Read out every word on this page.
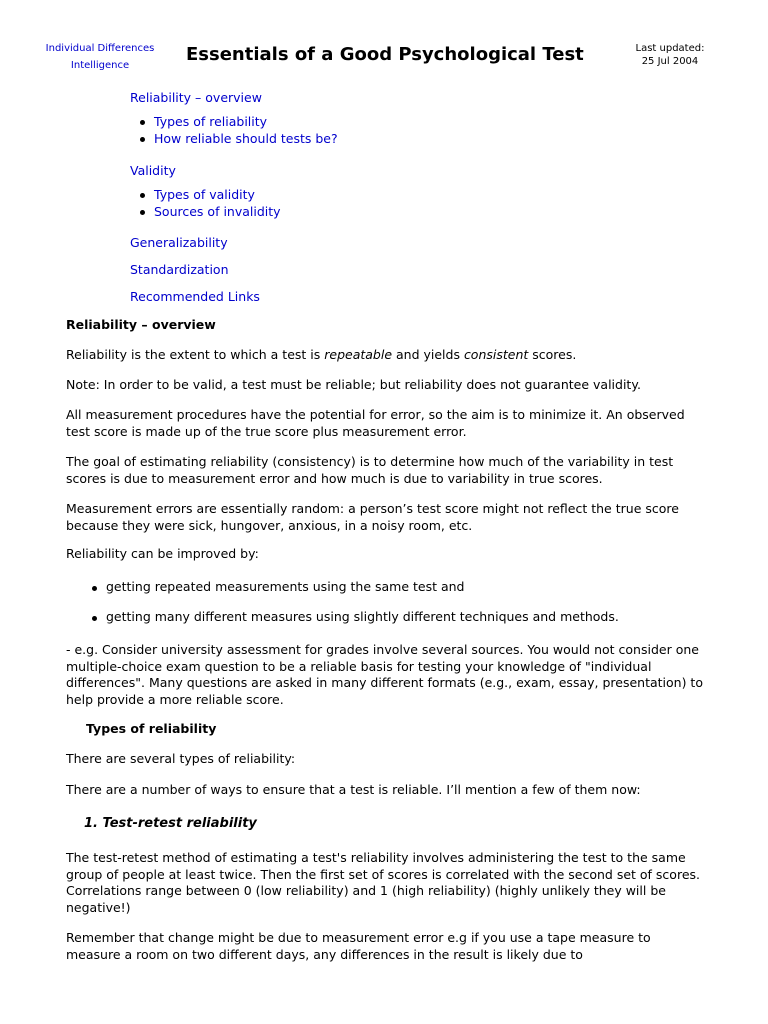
Individual Differences
Intelligence
Essentials of a Good Psychological Test	Last updated:
25 Jul 2004
Reliability – overview
Types of reliability
How reliable should tests be?
Validity
Types of validity
Sources of invalidity
Generalizability
Standardization
Recommended Links
Reliability – overview

Reliability is the extent to which a test is repeatable and yields consistent scores.

Note: In order to be valid, a test must be reliable; but reliability does not guarantee validity.

All measurement procedures have the potential for error, so the aim is to minimize it. An observed test score is made up of the true score plus measurement error.

The goal of estimating reliability (consistency) is to determine how much of the variability in test scores is due to measurement error and how much is due to variability in true scores.

Measurement errors are essentially random: a person’s test score might not reflect the true score because they were sick, hungover, anxious, in a noisy room, etc.

Reliability can be improved by:

getting repeated measurements using the same test and
getting many different measures using slightly different techniques and methods.

- e.g. Consider university assessment for grades involve several sources. You would not consider one multiple-choice exam question to be a reliable basis for testing your knowledge of "individual differences". Many questions are asked in many different formats (e.g., exam, essay, presentation) to help provide a more reliable score.

Types of reliability

There are several types of reliability:

There are a number of ways to ensure that a test is reliable. I’ll mention a few of them now:

1. Test-retest reliability

The test-retest method of estimating a test's reliability involves administering the test to the same group of people at least twice. Then the first set of scores is correlated with the second set of scores. Correlations range between 0 (low reliability) and 1 (high reliability) (highly unlikely they will be negative!)

Remember that change might be due to measurement error e.g if you use a tape measure to measure a room on two different days, any differences in the result is likely due to
